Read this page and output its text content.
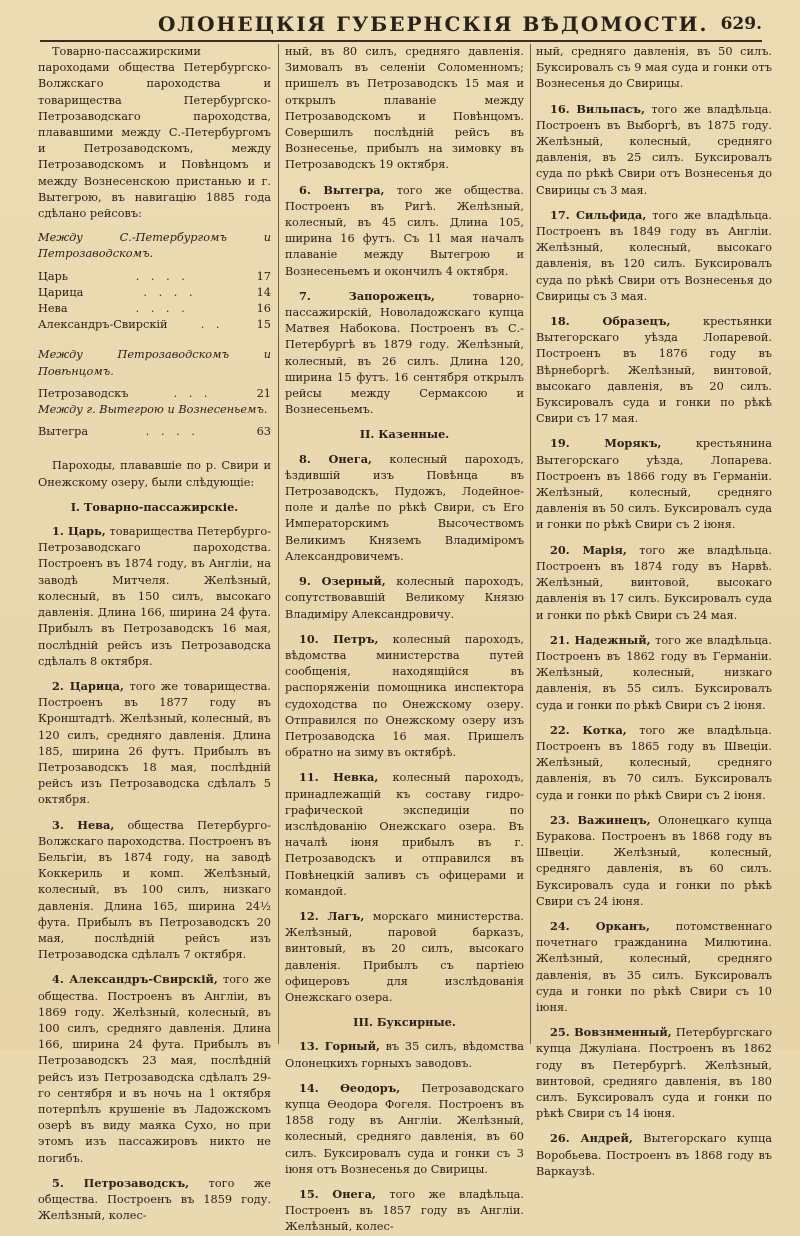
ОЛОНЕЦКІЯ ГУБЕРНСКІЯ ВѢДОМОСТИ. 629.

Товарно-пассажирскими пароходами общества Петербургско-Волжскаго пароходства и товарищества Петербургско-Петрозаводскаго пароходства, плававшими между С.-Петербургомъ и Петрозаводскомъ, между Петрозаводскомъ и Повѣнцомъ и между Вознесенскою пристанью и г. Вытегрою, въ навигацію 1885 года сдѣлано рейсовъ:

Между С.-Петербургомъ и Петрозаводскомъ.

Царь	. . . .	17
Царица	. . . .	14
Нева	. . . .	16
Александръ-Свирскій	. .	15

Между Петрозаводскомъ и Повѣнцомъ.

Петрозаводскъ	. . .	21

Между г. Вытегрою и Вознесеньемъ.

Вытегра	. . . .	63

Пароходы, плававшіе по р. Свири и Онежскому озеру, были слѣдующіе:

I. Товарно-пассажирскіе.

1. Царь, товарищества Петербурго-Петрозаводскаго пароходства. Построенъ въ 1874 году, въ Англіи, на заводѣ Митчеля. Желѣзный, колесный, въ 150 силъ, высокаго давленія. Длина 166, ширина 24 фута. Прибылъ въ Петрозаводскъ 16 мая, послѣдній рейсъ изъ Петрозаводска сдѣлалъ 8 октября.

2. Царица, того же товарищества. Построенъ въ 1877 году въ Кронштадтѣ. Желѣзный, колесный, въ 120 силъ, средняго давленія. Длина 185, ширина 26 футъ. Прибылъ въ Петрозаводскъ 18 мая, послѣдній рейсъ изъ Петрозаводска сдѣлалъ 5 октября.

3. Нева, общества Петербурго-Волжскаго пароходства. Построенъ въ Бельгіи, въ 1874 году, на заводѣ Коккериль и комп. Желѣзный, колесный, въ 100 силъ, низкаго давленія. Длина 165, ширина 24½ фута. Прибылъ въ Петрозаводскъ 20 мая, послѣдній рейсъ изъ Петрозаводска сдѣлалъ 7 октября.

4. Александръ-Свирскій, того же общества. Построенъ въ Англіи, въ 1869 году. Желѣзный, колесный, въ 100 силъ, средняго давленія. Длина 166, ширина 24 фута. Прибылъ въ Петрозаводскъ 23 мая, послѣдній рейсъ изъ Петрозаводска сдѣлалъ 29-го сентября и въ ночь на 1 октября потерпѣлъ крушеніе въ Ладожскомъ озерѣ въ виду маяка Сухо, но при этомъ изъ пассажировъ никто не погибъ.

5. Петрозаводскъ, того же общества. Построенъ въ 1859 году. Желѣзный, колес-

ный, въ 80 силъ, средняго давленія. Зимовалъ въ селеніи Соломенномъ; пришелъ въ Петрозаводскъ 15 мая и открылъ плаваніе между Петрозаводскомъ и Повѣнцомъ. Совершилъ послѣдній рейсъ въ Вознесенье, прибылъ на зимовку въ Петрозаводскъ 19 октября.

6. Вытегра, того же общества. Построенъ въ Ригѣ. Желѣзный, колесный, въ 45 силъ. Длина 105, ширина 16 футъ. Съ 11 мая началъ плаваніе между Вытегрою и Вознесеньемъ и окончилъ 4 октября.

7. Запорожецъ,	товарно-пассажирскій, Новоладожскаго купца Матвея Набокова. Построенъ въ С.-Петербургѣ въ 1879 году. Желѣзный, колесный, въ 26 силъ. Длина 120, ширина 15 футъ. 16 сентября открылъ рейсы между Сермаксою и Вознесеньемъ.

II. Казенные.

8. Онега, колесный пароходъ, ѣздившій изъ Повѣнца въ Петрозаводскъ, Пудожъ, Лодейное-поле и далѣе по рѣкѣ Свири, съ Его Императорскимъ Высочествомъ Великимъ Княземъ Владиміромъ Александровичемъ.

9. Озерный, колесный пароходъ, сопутствовавшій Великому Князю Владиміру Александровичу.

10. Петръ, колесный пароходъ, вѣдомства министерства путей сообщенія, находящійся въ распоряженіи помощника инспектора судоходства по Онежскому озеру. Отправился по Онежскому озеру изъ Петрозаводска 16 мая. Пришелъ обратно на зиму въ октябрѣ.

11. Невка, колесный пароходъ, принадлежащій къ составу гидро-графической экспедиціи по изслѣдованію Онежскаго озера. Въ началѣ іюня прибылъ въ г. Петрозаводскъ и отправился въ Повѣнецкій заливъ съ офицерами и командой.

12. Лагъ, морскаго министерства. Желѣзный, паровой барказъ, винтовый, въ 20 силъ, высокаго давленія. Прибылъ съ партіею офицеровъ для изслѣдованія Онежскаго озера.

III. Буксирные.

13. Горный, въ 35 силъ, вѣдомства Олонецкихъ горныхъ заводовъ.

14. Ѳеодоръ, Петрозаводскаго купца Ѳеодора Фогеля. Построенъ въ 1858 году въ Англіи. Желѣзный, колесный, средняго давленія, въ 60 силъ. Буксировалъ суда и гонки съ 3 іюня отъ Вознесенья до Свирицы.

15. Онега, того же владѣльца. Построенъ въ 1857 году въ Англіи. Желѣзный, колес-

ный, средняго давленія, въ 50 силъ. Буксировалъ съ 9 мая суда и гонки отъ Вознесенья до Свирицы.

16. Вильпасъ, того же владѣльца. Построенъ въ Выборгѣ, въ 1875 году. Желѣзный, колесный, средняго давленія, въ 25 силъ. Буксировалъ суда по рѣкѣ Свири отъ Вознесенья до Свирицы съ 3 мая.

17. Сильфида, того же владѣльца. Построенъ въ 1849 году въ Англіи. Желѣзный, колесный, высокаго давленія, въ 120 силъ. Буксировалъ суда по рѣкѣ Свири отъ Вознесенья до Свирицы съ 3 мая.

18. Образецъ,	крестьянки Вытегорскаго уѣзда Лопаревой. Построенъ въ 1876 году въ Вѣрнеборгѣ. Желѣзный, винтовой, высокаго давленія, въ 20 силъ. Буксировалъ суда и гонки по рѣкѣ Свири съ 17 мая.

19. Морякъ,	крестьянина Вытегорскаго уѣзда, Лопарева. Построенъ въ 1866 году въ Германіи. Желѣзный, колесный, средняго давленія въ 50 силъ. Буксировалъ суда и гонки по рѣкѣ Свири съ 2 іюня.

20. Марія, того же владѣльца. Построенъ въ 1874 году въ Нарвѣ. Желѣзный, винтовой, высокаго давленія въ 17 силъ. Буксировалъ суда и гонки по рѣкѣ Свири съ 24 мая.

21. Надежный, того же владѣльца. Построенъ въ 1862 году въ Германіи. Желѣзный, колесный, низкаго давленія, въ 55 силъ. Буксировалъ суда и гонки по рѣкѣ Свири съ 2 іюня.

22. Котка, того же владѣльца. Построенъ въ 1865 году въ Швеціи. Желѣзный, колесный, средняго давленія, въ 70 силъ. Буксировалъ суда и гонки по рѣкѣ Свири съ 2 іюня.

23. Важинецъ, Олонецкаго купца Буракова. Построенъ въ 1868 году въ Швеціи. Желѣзный, колесный, средняго давленія, въ 60 силъ. Буксировалъ суда и гонки по рѣкѣ Свири съ 24 іюня.

24. Орканъ, потомственнаго почетнаго гражданина Милютина. Желѣзный, колесный, средняго давленія, въ 35 силъ. Буксировалъ суда и гонки по рѣкѣ Свири съ 10 іюня.

25. Вовзнменный, Петербургскаго купца Джуліана. Построенъ въ 1862 году въ Петербургѣ. Желѣзный, винтовой, средняго давленія, въ 180 силъ. Буксировалъ суда и гонки по рѣкѣ Свири съ 14 іюня.

26. Андрей, Вытегорскаго купца Воробьева. Построенъ въ 1868 году въ Варкаузѣ.
